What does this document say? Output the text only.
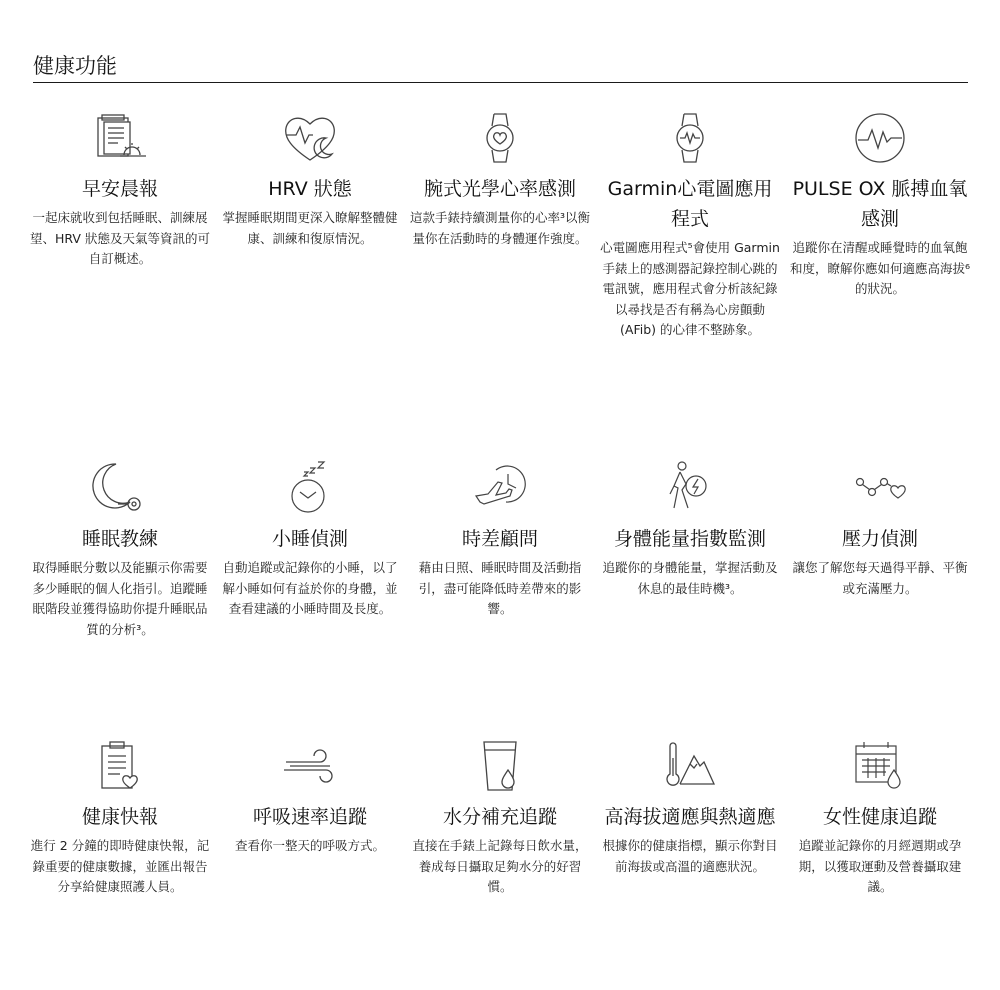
健康功能
早安晨報

一起床就收到包括睡眠、訓練展望、HRV 狀態及天氣等資訊的可自訂概述。

HRV 狀態

掌握睡眠期間更深入瞭解整體健康、訓練和復原情況。

腕式光學心率感測

這款手錶持續測量你的心率³以衡量你在活動時的身體運作強度。

Garmin心電圖應用程式

心電圖應用程式⁵會使用 Garmin 手錶上的感測器記錄控制心跳的電訊號，應用程式會分析該紀錄以尋找是否有稱為心房顫動 (AFib) 的心律不整跡象。

PULSE OX 脈搏血氧感測

追蹤你在清醒或睡覺時的血氧飽和度，瞭解你應如何適應高海拔⁶的狀況。

睡眠教練

取得睡眠分數以及能顯示你需要多少睡眠的個人化指引。追蹤睡眠階段並獲得協助你提升睡眠品質的分析³。

小睡偵測

自動追蹤或記錄你的小睡，以了解小睡如何有益於你的身體，並查看建議的小睡時間及長度。

時差顧問

藉由日照、睡眠時間及活動指引，盡可能降低時差帶來的影響。

身體能量指數監測

追蹤你的身體能量，掌握活動及休息的最佳時機³。

壓力偵測

讓您了解您每天過得平靜、平衡或充滿壓力。

健康快報

進行 2 分鐘的即時健康快報，記錄重要的健康數據，並匯出報告分享給健康照護人員。

呼吸速率追蹤

查看你一整天的呼吸方式。

水分補充追蹤

直接在手錶上記錄每日飲水量，養成每日攝取足夠水分的好習慣。

高海拔適應與熱適應

根據你的健康指標，顯示你對目前海拔或高溫的適應狀況。

女性健康追蹤

追蹤並記錄你的月經週期或孕期，以獲取運動及營養攝取建議。
